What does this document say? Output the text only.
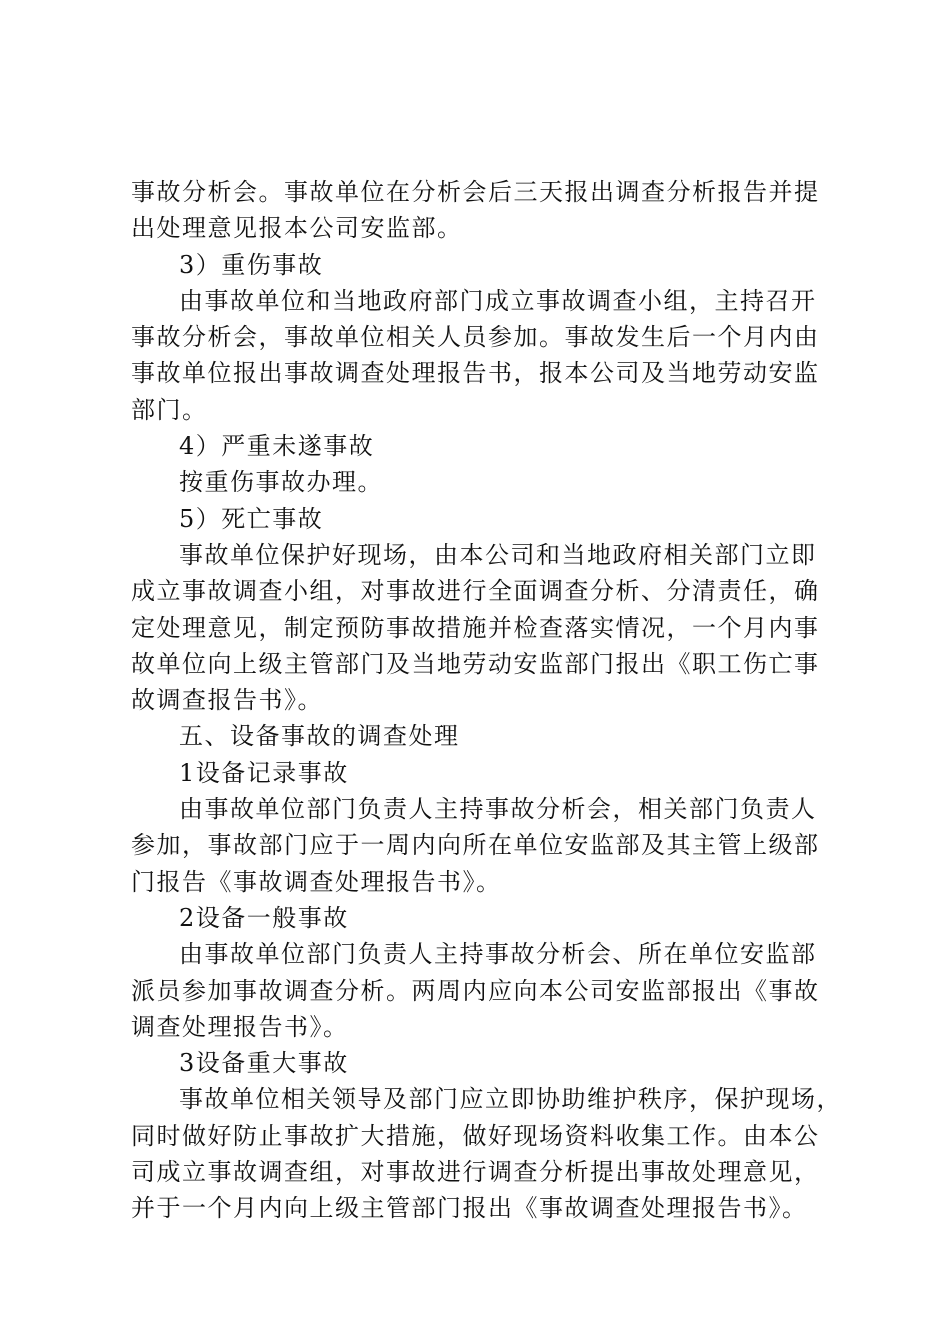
事故分析会。事故单位在分析会后三天报出调查分析报告并提

出处理意见报本公司安监部。

3）重伤事故

由事故单位和当地政府部门成立事故调查小组，主持召开

事故分析会，事故单位相关人员参加。事故发生后一个月内由

事故单位报出事故调查处理报告书，报本公司及当地劳动安监

部门。

4）严重未遂事故

按重伤事故办理。

5）死亡事故

事故单位保护好现场，由本公司和当地政府相关部门立即

成立事故调查小组，对事故进行全面调查分析、分清责任，确

定处理意见，制定预防事故措施并检查落实情况，一个月内事

故单位向上级主管部门及当地劳动安监部门报出《职工伤亡事

故调查报告书》。

五、设备事故的调查处理

1设备记录事故

由事故单位部门负责人主持事故分析会，相关部门负责人

参加，事故部门应于一周内向所在单位安监部及其主管上级部

门报告《事故调查处理报告书》。

2设备一般事故

由事故单位部门负责人主持事故分析会、所在单位安监部

派员参加事故调查分析。两周内应向本公司安监部报出《事故

调查处理报告书》。

3设备重大事故

事故单位相关领导及部门应立即协助维护秩序，保护现场，

同时做好防止事故扩大措施，做好现场资料收集工作。由本公

司成立事故调查组，对事故进行调查分析提出事故处理意见，

并于一个月内向上级主管部门报出《事故调查处理报告书》。
